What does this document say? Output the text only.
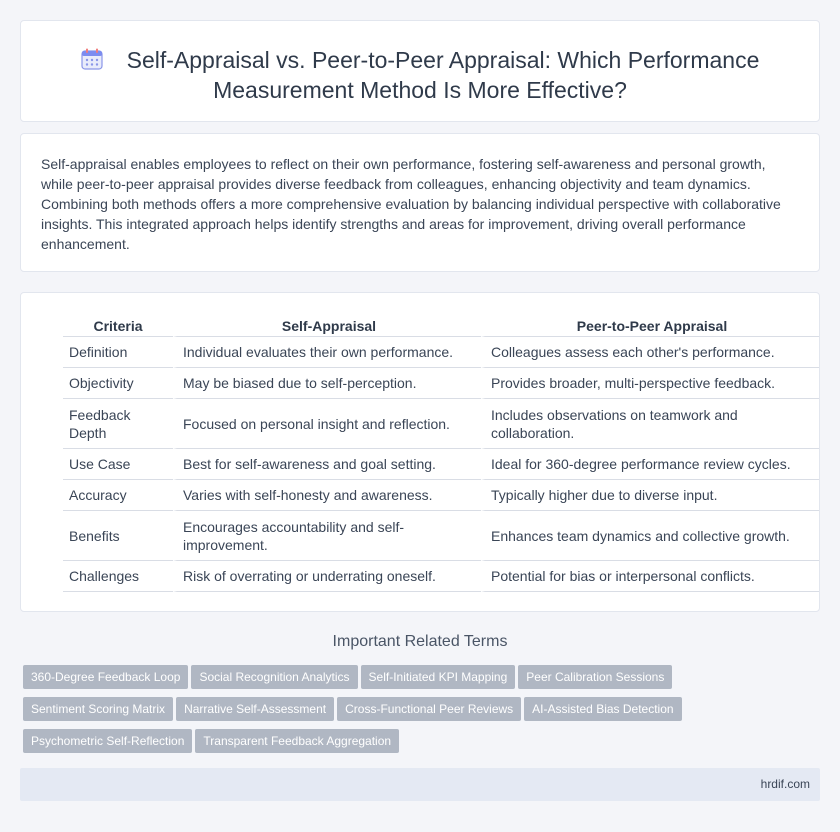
Self-Appraisal vs. Peer-to-Peer Appraisal: Which Performance Measurement Method Is More Effective?

Self-appraisal enables employees to reflect on their own performance, fostering self-awareness and personal growth, while peer-to-peer appraisal provides diverse feedback from colleagues, enhancing objectivity and team dynamics. Combining both methods offers a more comprehensive evaluation by balancing individual perspective with collaborative insights. This integrated approach helps identify strengths and areas for improvement, driving overall performance enhancement.

Criteria	Self-Appraisal	Peer-to-Peer Appraisal
Definition	Individual evaluates their own performance.	Colleagues assess each other's performance.
Objectivity	May be biased due to self-perception.	Provides broader, multi-perspective feedback.
Feedback Depth	Focused on personal insight and reflection.	Includes observations on teamwork and collaboration.
Use Case	Best for self-awareness and goal setting.	Ideal for 360-degree performance review cycles.
Accuracy	Varies with self-honesty and awareness.	Typically higher due to diverse input.
Benefits	Encourages accountability and self-improvement.	Enhances team dynamics and collective growth.
Challenges	Risk of overrating or underrating oneself.	Potential for bias or interpersonal conflicts.
Important Related Terms
360-Degree Feedback Loop Social Recognition Analytics Self-Initiated KPI Mapping Peer Calibration Sessions
Sentiment Scoring Matrix Narrative Self-Assessment Cross-Functional Peer Reviews AI-Assisted Bias Detection
Psychometric Self-Reflection Transparent Feedback Aggregation
hrdif.com
